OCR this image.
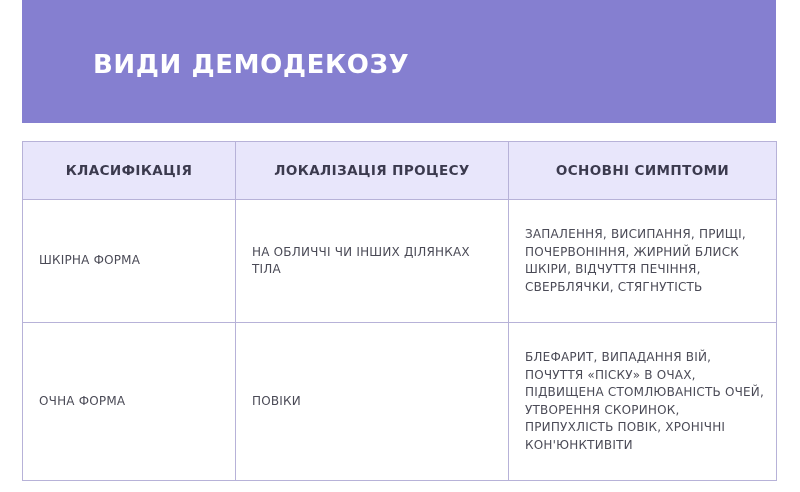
ВИДИ ДЕМОДЕКОЗУ
КЛАСИФІКАЦІЯ	ЛОКАЛІЗАЦІЯ ПРОЦЕСУ	ОСНОВНІ СИМПТОМИ
ШКІРНА ФОРМА	НА ОБЛИЧЧІ ЧИ ІНШИХ ДІЛЯНКАХ ТІЛА	ЗАПАЛЕННЯ, ВИСИПАННЯ, ПРИЩІ, ПОЧЕРВОНІННЯ, ЖИРНИЙ БЛИСК ШКІРИ, ВІДЧУТТЯ ПЕЧІННЯ, СВЕРБЛЯЧКИ, СТЯГНУТІСТЬ
ОЧНА ФОРМА	ПОВІКИ	БЛЕФАРИТ, ВИПАДАННЯ ВІЙ, ПОЧУТТЯ «ПІСКУ» В ОЧАХ, ПІДВИЩЕНА СТОМЛЮВАНІСТЬ ОЧЕЙ, УТВОРЕННЯ СКОРИНОК, ПРИПУХЛІСТЬ ПОВІК, ХРОНІЧНІ КОН'ЮНКТИВІТИ
